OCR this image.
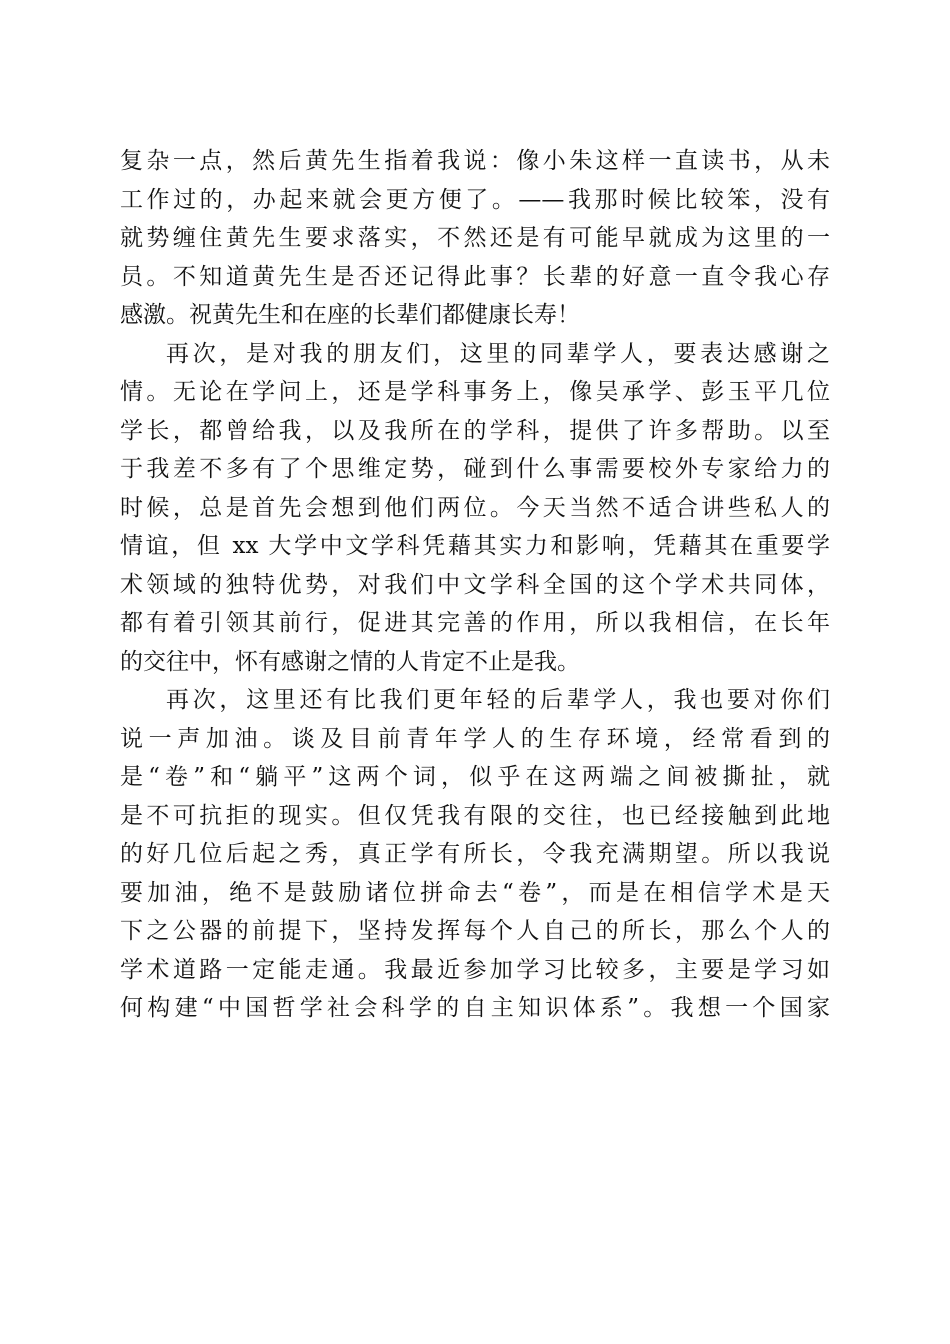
复杂一点，然后黄先生指着我说：像小朱这样一直读书，从未
工作过的，办起来就会更方便了。——我那时候比较笨，没有
就势缠住黄先生要求落实，不然还是有可能早就成为这里的一
员。不知道黄先生是否还记得此事？长辈的好意一直令我心存
感激。祝黄先生和在座的长辈们都健康长寿！
再次，是对我的朋友们，这里的同辈学人，要表达感谢之
情。无论在学问上，还是学科事务上，像吴承学、彭玉平几位
学长，都曾给我，以及我所在的学科，提供了许多帮助。以至
于我差不多有了个思维定势，碰到什么事需要校外专家给力的
时候，总是首先会想到他们两位。今天当然不适合讲些私人的
情谊，但 xx 大学中文学科凭藉其实力和影响，凭藉其在重要学
术领域的独特优势，对我们中文学科全国的这个学术共同体，
都有着引领其前行，促进其完善的作用，所以我相信，在长年
的交往中，怀有感谢之情的人肯定不止是我。
再次，这里还有比我们更年轻的后辈学人，我也要对你们
说一声加油。谈及目前青年学人的生存环境，经常看到的
是“卷”和“躺平”这两个词，似乎在这两端之间被撕扯，就
是不可抗拒的现实。但仅凭我有限的交往，也已经接触到此地
的好几位后起之秀，真正学有所长，令我充满期望。所以我说
要加油，绝不是鼓励诸位拼命去“卷”，而是在相信学术是天
下之公器的前提下，坚持发挥每个人自己的所长，那么个人的
学术道路一定能走通。我最近参加学习比较多，主要是学习如
何构建“中国哲学社会科学的自主知识体系”。我想一个国家
